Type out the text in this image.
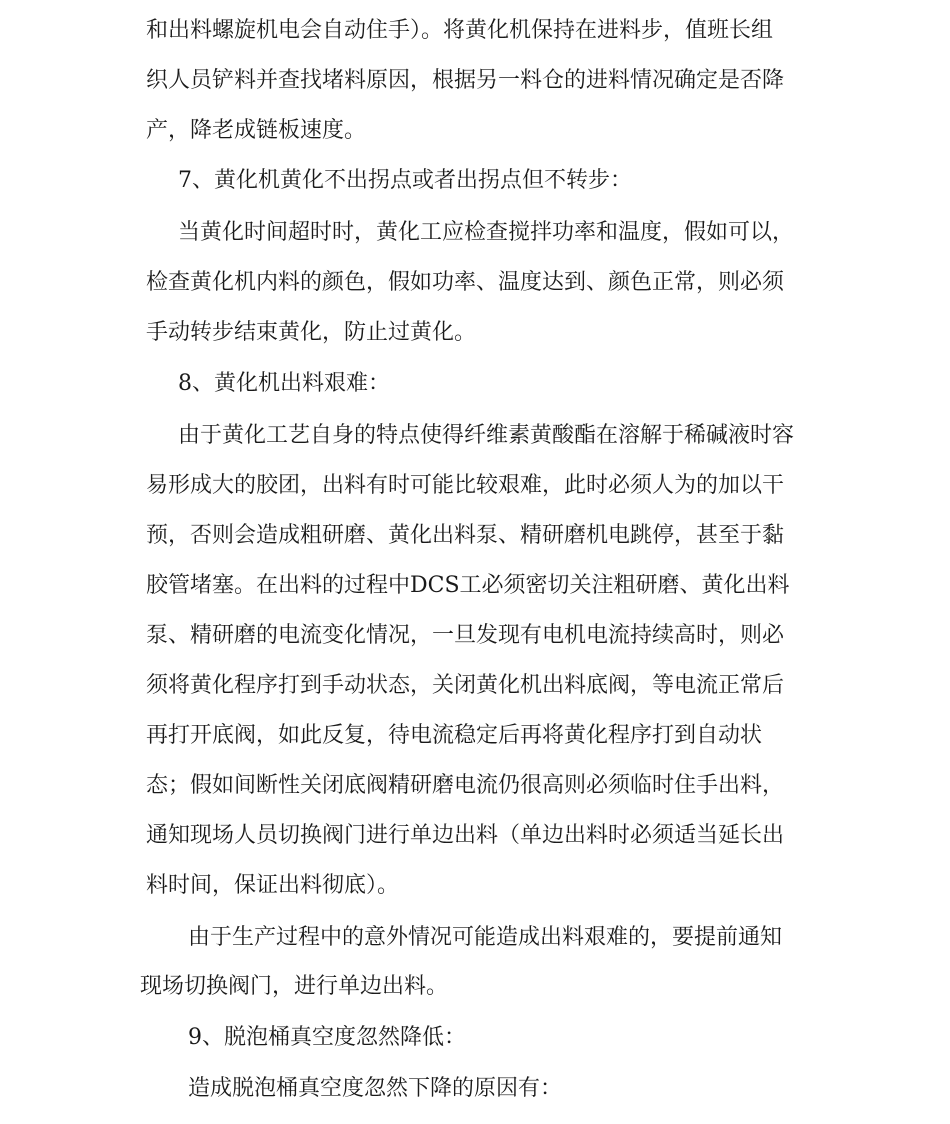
和出料螺旋机电会自动住手）。将黄化机保持在进料步，值班长组

织人员铲料并查找堵料原因，根据另一料仓的进料情况确定是否降

产，降老成链板速度。

7、黄化机黄化不出拐点或者出拐点但不转步：

当黄化时间超时时，黄化工应检查搅拌功率和温度，假如可以，

检查黄化机内料的颜色，假如功率、温度达到、颜色正常，则必须

手动转步结束黄化，防止过黄化。

8、黄化机出料艰难：

由于黄化工艺自身的特点使得纤维素黄酸酯在溶解于稀碱液时容

易形成大的胶团，出料有时可能比较艰难，此时必须人为的加以干

预，否则会造成粗研磨、黄化出料泵、精研磨机电跳停，甚至于黏

胶管堵塞。在出料的过程中DCS工必须密切关注粗研磨、黄化出料

泵、精研磨的电流变化情况，一旦发现有电机电流持续高时，则必

须将黄化程序打到手动状态，关闭黄化机出料底阀，等电流正常后

再打开底阀，如此反复，待电流稳定后再将黄化程序打到自动状

态；假如间断性关闭底阀精研磨电流仍很高则必须临时住手出料，

通知现场人员切换阀门进行单边出料（单边出料时必须适当延长出

料时间，保证出料彻底）。

由于生产过程中的意外情况可能造成出料艰难的，要提前通知

现场切换阀门，进行单边出料。

9、脱泡桶真空度忽然降低：

造成脱泡桶真空度忽然下降的原因有：
